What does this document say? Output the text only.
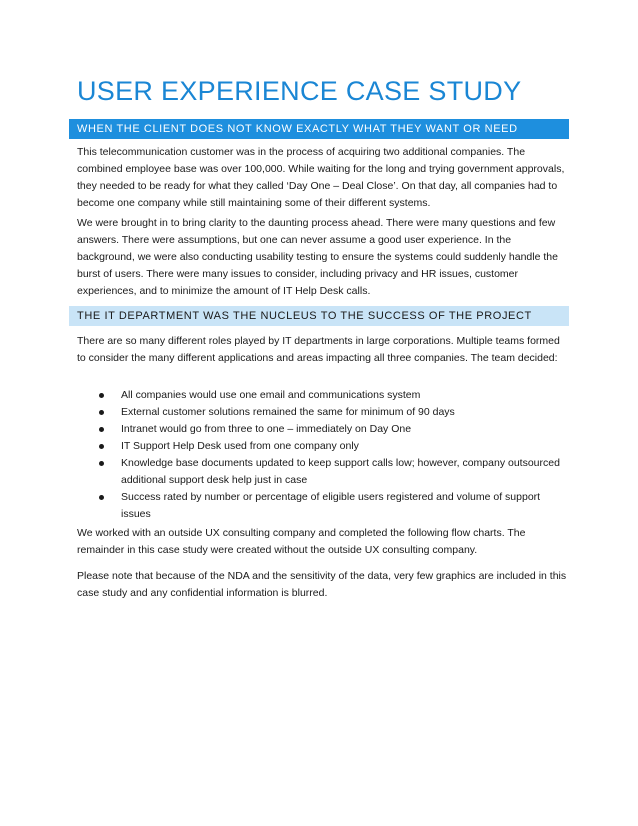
USER EXPERIENCE CASE STUDY
WHEN THE CLIENT DOES NOT KNOW EXACTLY WHAT THEY WANT OR NEED

This telecommunication customer was in the process of acquiring two additional companies. The combined employee base was over 100,000. While waiting for the long and trying government approvals, they needed to be ready for what they called ‘Day One – Deal Close’. On that day, all companies had to become one company while still maintaining some of their different systems.

We were brought in to bring clarity to the daunting process ahead. There were many questions and few answers. There were assumptions, but one can never assume a good user experience. In the background, we were also conducting usability testing to ensure the systems could suddenly handle the burst of users. There were many issues to consider, including privacy and HR issues, customer experiences, and to minimize the amount of IT Help Desk calls.

THE IT DEPARTMENT WAS THE NUCLEUS TO THE SUCCESS OF THE PROJECT

There are so many different roles played by IT departments in large corporations. Multiple teams formed to consider the many different applications and areas impacting all three companies. The team decided:

All companies would use one email and communications system
External customer solutions remained the same for minimum of 90 days
Intranet would go from three to one – immediately on Day One
IT Support Help Desk used from one company only
Knowledge base documents updated to keep support calls low; however, company outsourced additional support desk help just in case
Success rated by number or percentage of eligible users registered and volume of support issues

We worked with an outside UX consulting company and completed the following flow charts. The remainder in this case study were created without the outside UX consulting company.

Please note that because of the NDA and the sensitivity of the data, very few graphics are included in this case study and any confidential information is blurred.
